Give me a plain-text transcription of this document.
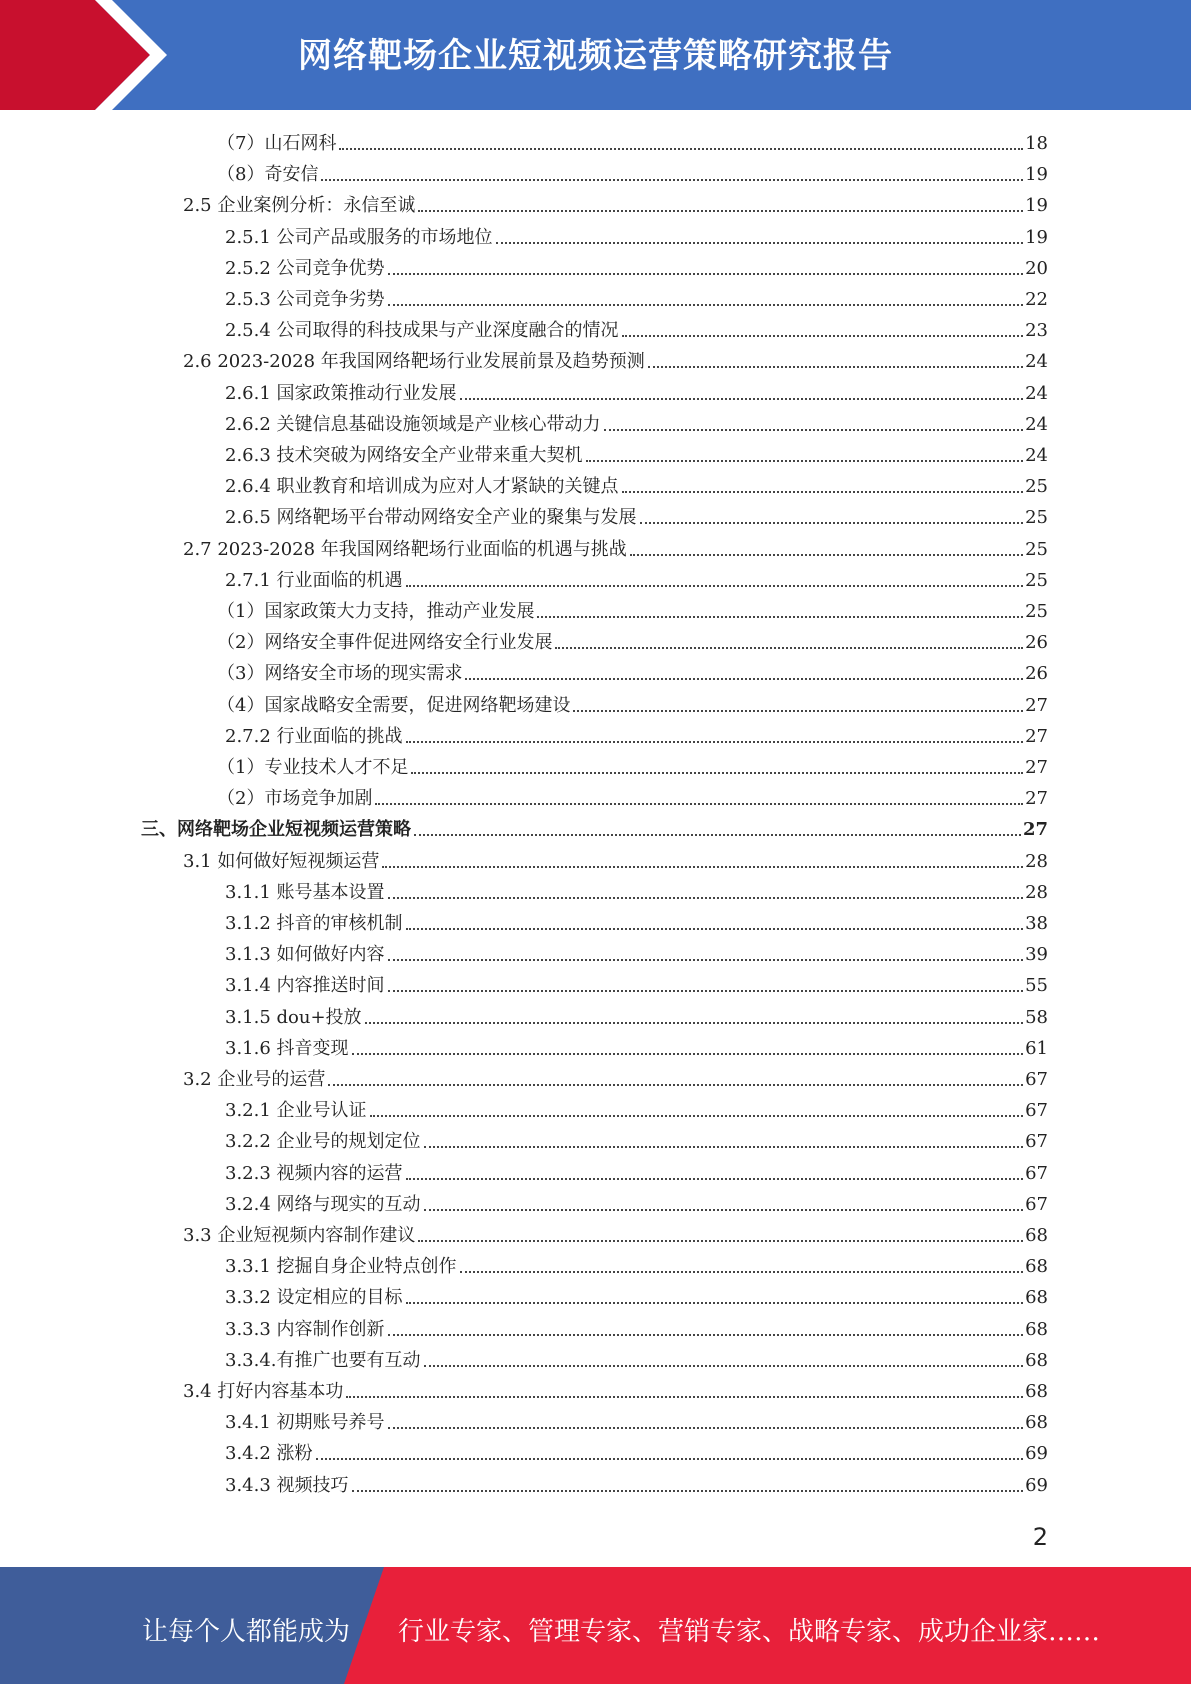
网络靶场企业短视频运营策略研究报告
（7）山石网科	18
（8）奇安信	19
2.5 企业案例分析：永信至诚	19
2.5.1 公司产品或服务的市场地位	19
2.5.2 公司竞争优势	20
2.5.3 公司竞争劣势	22
2.5.4 公司取得的科技成果与产业深度融合的情况	23
2.6 2023-2028 年我国网络靶场行业发展前景及趋势预测	24
2.6.1 国家政策推动行业发展	24
2.6.2 关键信息基础设施领域是产业核心带动力	24
2.6.3 技术突破为网络安全产业带来重大契机	24
2.6.4 职业教育和培训成为应对人才紧缺的关键点	25
2.6.5 网络靶场平台带动网络安全产业的聚集与发展	25
2.7 2023-2028 年我国网络靶场行业面临的机遇与挑战	25
2.7.1 行业面临的机遇	25
（1）国家政策大力支持，推动产业发展	25
（2）网络安全事件促进网络安全行业发展	26
（3）网络安全市场的现实需求	26
（4）国家战略安全需要，促进网络靶场建设	27
2.7.2 行业面临的挑战	27
（1）专业技术人才不足	27
（2）市场竞争加剧	27
三、网络靶场企业短视频运营策略	27
3.1 如何做好短视频运营	28
3.1.1 账号基本设置	28
3.1.2 抖音的审核机制	38
3.1.3 如何做好内容	39
3.1.4 内容推送时间	55
3.1.5 dou+投放	58
3.1.6 抖音变现	61
3.2 企业号的运营	67
3.2.1 企业号认证	67
3.2.2 企业号的规划定位	67
3.2.3 视频内容的运营	67
3.2.4 网络与现实的互动	67
3.3 企业短视频内容制作建议	68
3.3.1 挖掘自身企业特点创作	68
3.3.2 设定相应的目标	68
3.3.3 内容制作创新	68
3.3.4.有推广也要有互动	68
3.4 打好内容基本功	68
3.4.1 初期账号养号	68
3.4.2 涨粉	69
3.4.3 视频技巧	69
2
让每个人都能成为 行业专家、管理专家、营销专家、战略专家、成功企业家……
